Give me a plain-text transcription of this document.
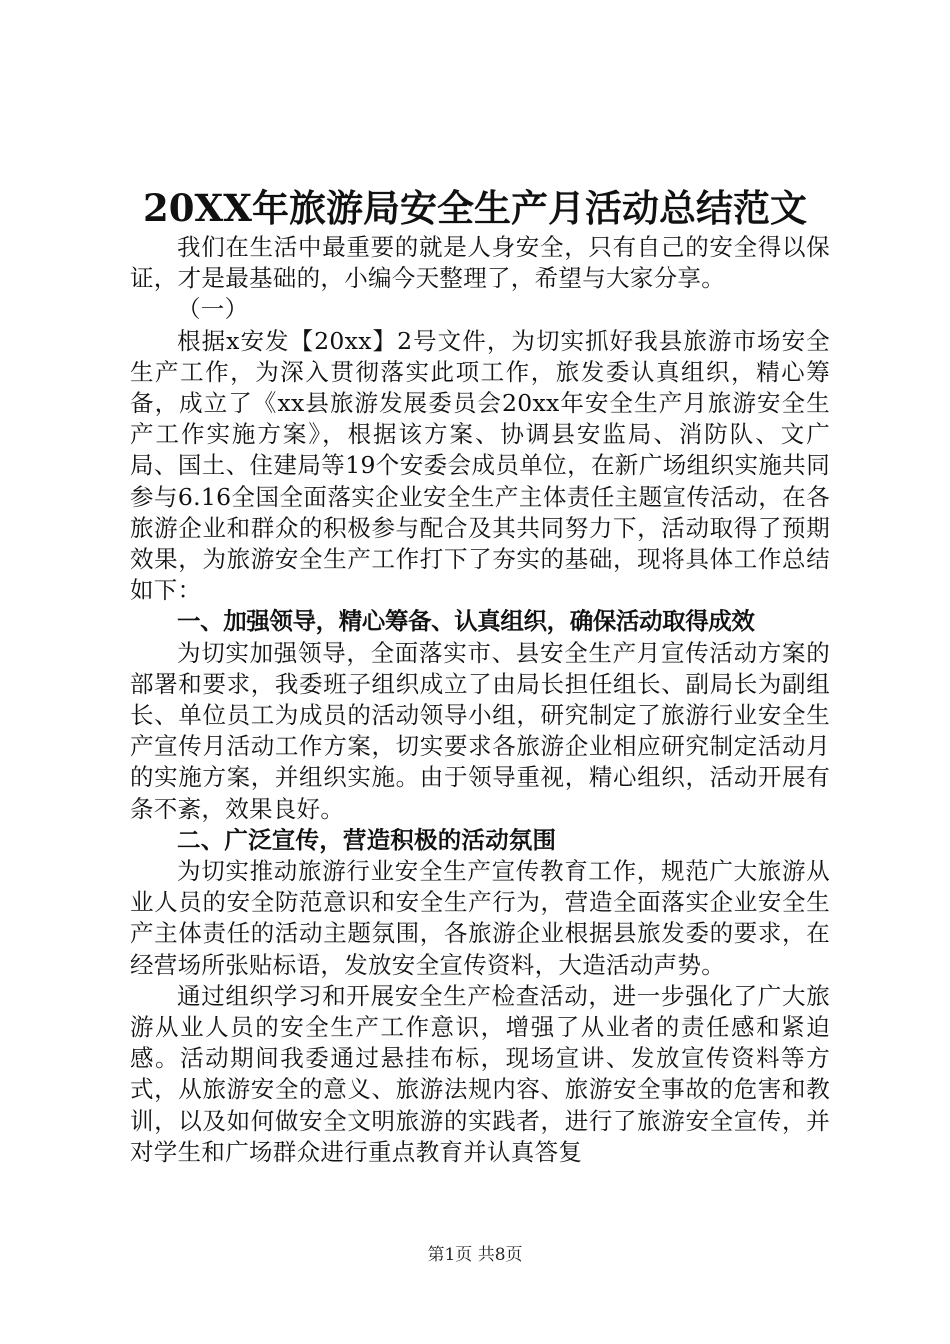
20XX年旅游局安全生产月活动总结范文

我们在生活中最重要的就是人身安全，只有自己的安全得以保证，才是最基础的，小编今天整理了，希望与大家分享。

（一）

根据x安发【20xx】2号文件，为切实抓好我县旅游市场安全生产工作，为深入贯彻落实此项工作，旅发委认真组织，精心筹备，成立了《xx县旅游发展委员会20xx年安全生产月旅游安全生产工作实施方案》，根据该方案、协调县安监局、消防队、文广局、国土、住建局等19个安委会成员单位，在新广场组织实施共同参与6.16全国全面落实企业安全生产主体责任主题宣传活动，在各旅游企业和群众的积极参与配合及其共同努力下，活动取得了预期效果，为旅游安全生产工作打下了夯实的基础，现将具体工作总结如下：

一、加强领导，精心筹备、认真组织，确保活动取得成效

为切实加强领导，全面落实市、县安全生产月宣传活动方案的部署和要求，我委班子组织成立了由局长担任组长、副局长为副组长、单位员工为成员的活动领导小组，研究制定了旅游行业安全生产宣传月活动工作方案，切实要求各旅游企业相应研究制定活动月的实施方案，并组织实施。由于领导重视，精心组织，活动开展有条不紊，效果良好。

二、广泛宣传，营造积极的活动氛围

为切实推动旅游行业安全生产宣传教育工作，规范广大旅游从业人员的安全防范意识和安全生产行为，营造全面落实企业安全生产主体责任的活动主题氛围，各旅游企业根据县旅发委的要求，在经营场所张贴标语，发放安全宣传资料，大造活动声势。

通过组织学习和开展安全生产检查活动，进一步强化了广大旅游从业人员的安全生产工作意识，增强了从业者的责任感和紧迫感。活动期间我委通过悬挂布标，现场宣讲、发放宣传资料等方式，从旅游安全的意义、旅游法规内容、旅游安全事故的危害和教训，以及如何做安全文明旅游的实践者，进行了旅游安全宣传，并对学生和广场群众进行重点教育并认真答复

第1页 共8页
